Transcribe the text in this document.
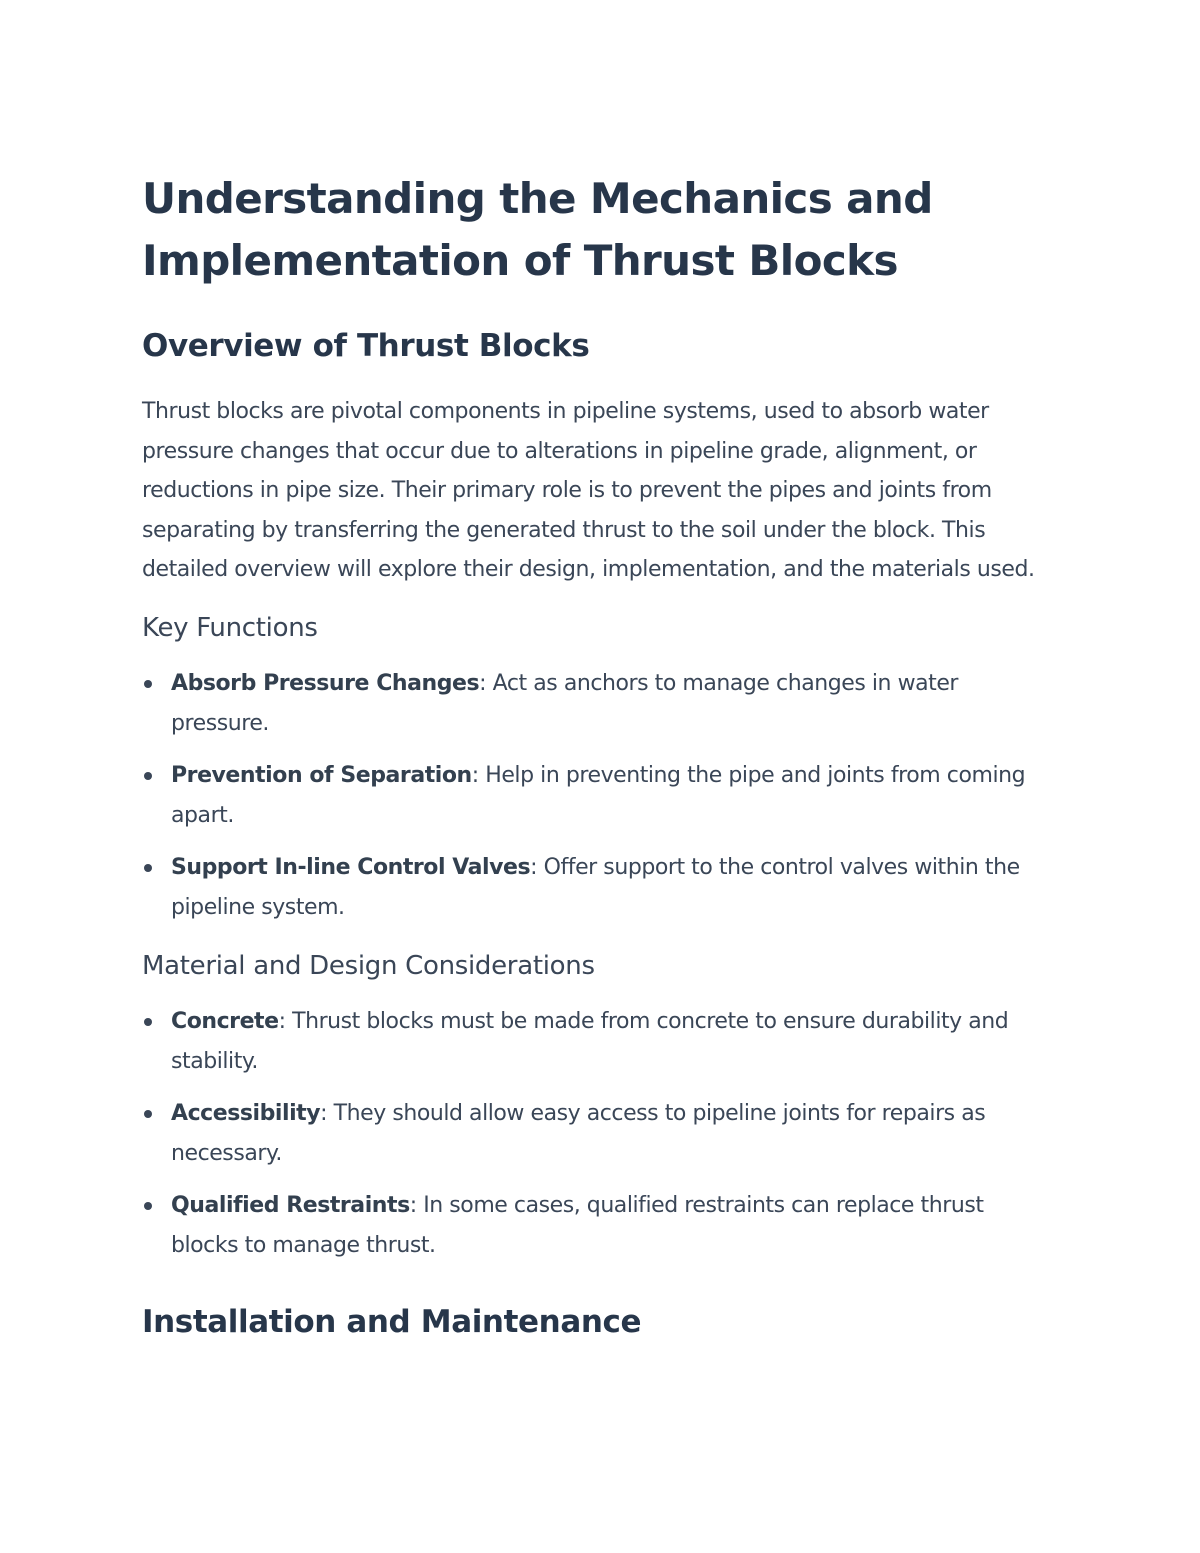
Understanding the Mechanics and Implementation of Thrust Blocks
Overview of Thrust Blocks

Thrust blocks are pivotal components in pipeline systems, used to absorb water pressure changes that occur due to alterations in pipeline grade, alignment, or reductions in pipe size. Their primary role is to prevent the pipes and joints from separating by transferring the generated thrust to the soil under the block. This detailed overview will explore their design, implementation, and the materials used.

Key Functions
Absorb Pressure Changes: Act as anchors to manage changes in water pressure.
Prevention of Separation: Help in preventing the pipe and joints from coming apart.
Support In-line Control Valves: Offer support to the control valves within the pipeline system.
Material and Design Considerations
Concrete: Thrust blocks must be made from concrete to ensure durability and stability.
Accessibility: They should allow easy access to pipeline joints for repairs as necessary.
Qualified Restraints: In some cases, qualified restraints can replace thrust blocks to manage thrust.
Installation and Maintenance
